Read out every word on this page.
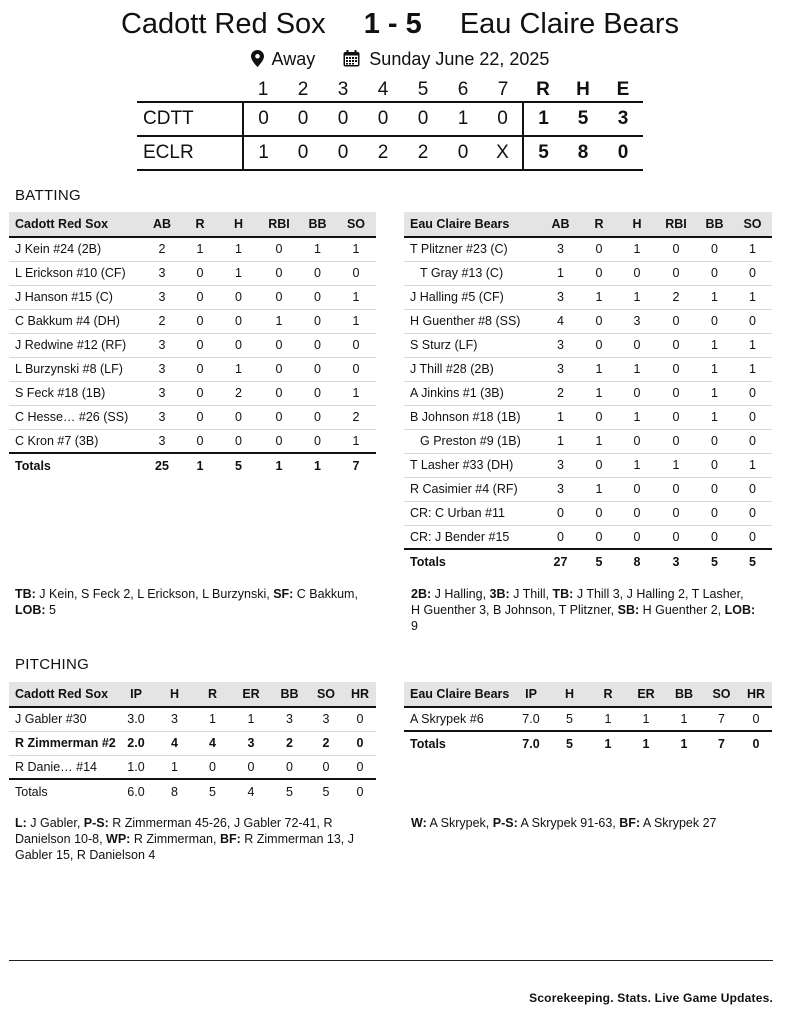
Cadott Red Sox 1 - 5 Eau Claire Bears
Away	Sunday June 22, 2025
	1	2	3	4	5	6	7	R	H	E
CDTT	0	0	0	0	0	1	0	1	5	3
ECLR	1	0	0	2	2	0	X	5	8	0
BATTING
Cadott Red Sox	AB	R	H	RBI	BB	SO
J Kein #24 (2B)	2	1	1	0	1	1
L Erickson #10 (CF)	3	0	1	0	0	0
J Hanson #15 (C)	3	0	0	0	0	1
C Bakkum #4 (DH)	2	0	0	1	0	1
J Redwine #12 (RF)	3	0	0	0	0	0
L Burzynski #8 (LF)	3	0	1	0	0	0
S Feck #18 (1B)	3	0	2	0	0	1
C Hesse… #26 (SS)	3	0	0	0	0	2
C Kron #7 (3B)	3	0	0	0	0	1
Totals	25	1	5	1	1	7
Eau Claire Bears	AB	R	H	RBI	BB	SO
T Plitzner #23 (C)	3	0	1	0	0	1
T Gray #13 (C)	1	0	0	0	0	0
J Halling #5 (CF)	3	1	1	2	1	1
H Guenther #8 (SS)	4	0	3	0	0	0
S Sturz (LF)	3	0	0	0	1	1
J Thill #28 (2B)	3	1	1	0	1	1
A Jinkins #1 (3B)	2	1	0	0	1	0
B Johnson #18 (1B)	1	0	1	0	1	0
G Preston #9 (1B)	1	1	0	0	0	0
T Lasher #33 (DH)	3	0	1	1	0	1
R Casimier #4 (RF)	3	1	0	0	0	0
CR: C Urban #11	0	0	0	0	0	0
CR: J Bender #15	0	0	0	0	0	0
Totals	27	5	8	3	5	5
TB: J Kein, S Feck 2, L Erickson, L Burzynski, SF: C Bakkum, LOB: 5
2B: J Halling, 3B: J Thill, TB: J Thill 3, J Halling 2, T Lasher, H Guenther 3, B Johnson, T Plitzner, SB: H Guenther 2, LOB: 9
PITCHING
Cadott Red Sox	IP	H	R	ER	BB	SO	HR
J Gabler #30	3.0	3	1	1	3	3	0
R Zimmerman #2	2.0	4	4	3	2	2	0
R Danie… #14	1.0	1	0	0	0	0	0
Totals	6.0	8	5	4	5	5	0
Eau Claire Bears	IP	H	R	ER	BB	SO	HR
A Skrypek #6	7.0	5	1	1	1	7	0
Totals	7.0	5	1	1	1	7	0
L: J Gabler, P-S: R Zimmerman 45-26, J Gabler 72-41, R Danielson 10-8, WP: R Zimmerman, BF: R Zimmerman 13, J Gabler 15, R Danielson 4
W: A Skrypek, P-S: A Skrypek 91-63, BF: A Skrypek 27
Scorekeeping. Stats. Live Game Updates.
